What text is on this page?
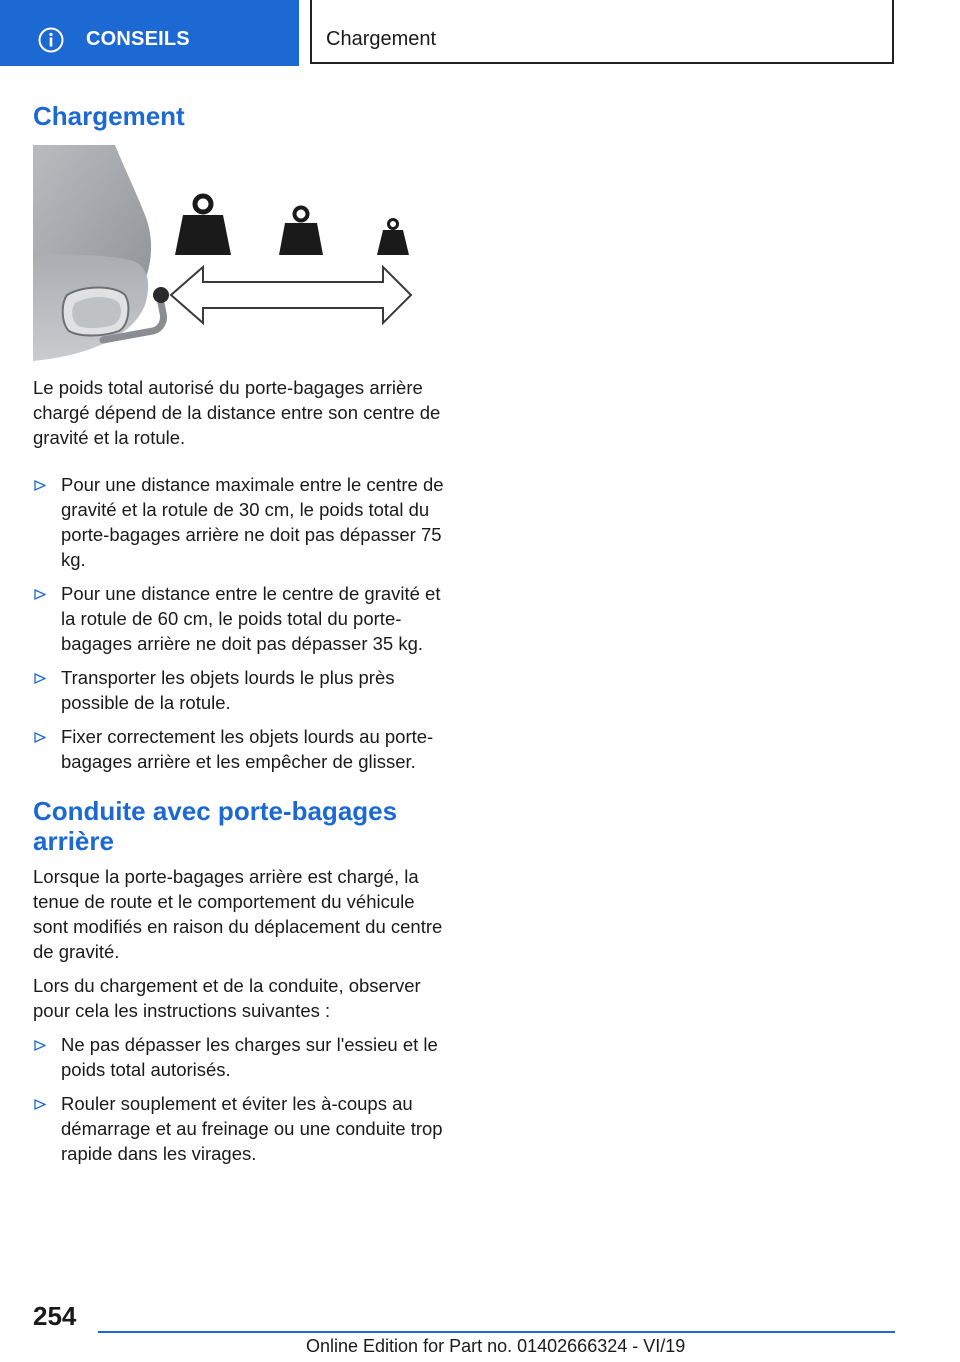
CONSEILS	Chargement
Chargement

Le poids total autorisé du porte-bagages arrière chargé dépend de la distance entre son centre de gravité et la rotule.

Pour une distance maximale entre le centre de gravité et la rotule de 30 cm, le poids total du porte-bagages arrière ne doit pas dépasser 75 kg.
Pour une distance entre le centre de gravité et la rotule de 60 cm, le poids total du porte-bagages arrière ne doit pas dépasser 35 kg.
Transporter les objets lourds le plus près possible de la rotule.
Fixer correctement les objets lourds au porte-bagages arrière et les empêcher de glisser.
Conduite avec porte-bagages arrière

Lorsque la porte-bagages arrière est chargé, la tenue de route et le comportement du véhicule sont modifiés en raison du déplacement du centre de gravité.

Lors du chargement et de la conduite, observer pour cela les instructions suivantes :

Ne pas dépasser les charges sur l'essieu et le poids total autorisés.
Rouler souplement et éviter les à-coups au démarrage et au freinage ou une conduite trop rapide dans les virages.
254
Online Edition for Part no. 01402666324 - VI/19
